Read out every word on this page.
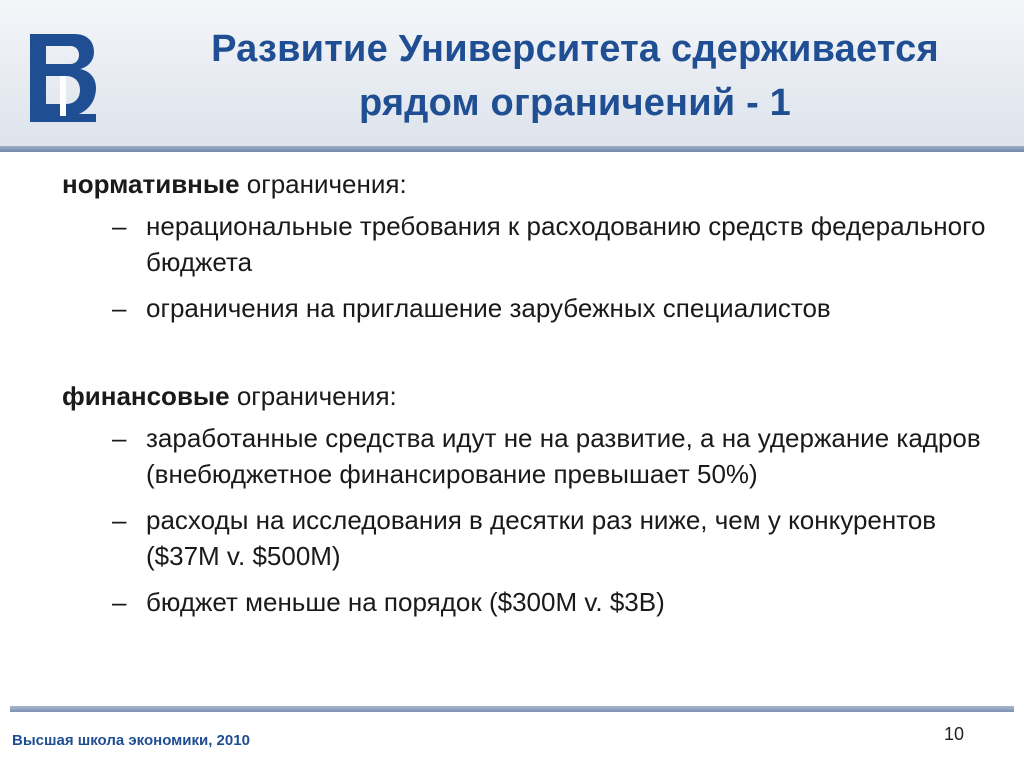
Развитие Университета сдерживается
рядом ограничений - 1

нормативные ограничения:

– нерациональные требования к расходованию средств федерального бюджета
– ограничения на приглашение зарубежных специалистов

финансовые ограничения:

– заработанные средства идут не на развитие, а на удержание кадров (внебюджетное финансирование превышает 50%)
– расходы на исследования в десятки раз ниже, чем у конкурентов ($37M v. $500M)
– бюджет меньше на порядок ($300M v. $3B)
Высшая школа экономики, 2010	10
